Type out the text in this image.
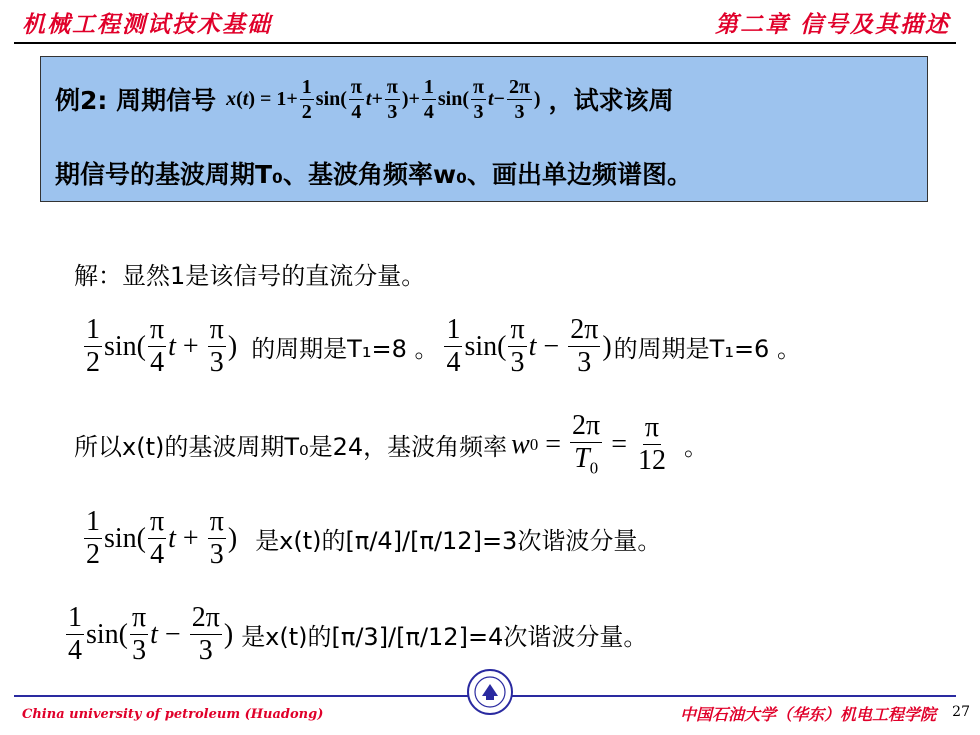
机械工程测试技术基础	第二章 信号及其描述
例2: 周期信号 x ( t ) = $1+ \frac{1}{2} \sin( \frac{\pi}{4}$ $t + \frac{\pi}{3}$ )+ $\frac{1}{4} \sin( \frac{\pi}{3}$ $t - \frac{2\pi}{3}$ ) ，试求该周
期信号的基波周期T₀、基波角频率w₀、画出单边频谱图。
解：显然1是该信号的直流分量。
$\frac{1}{2} \sin( \frac{\pi}{4}$ $t + \frac{\pi}{3}$ ) 的周期是T₁=8 。 $\frac{1}{4} \sin( \frac{\pi}{3}$ $t - \frac{2\pi}{3}$ ) 的周期是T₁=6 。
所以x(t)的基波周期T₀是24，基波角频率 w $0 = \frac{2\pi}{T_0} = \frac{\pi}{12}$ 。
$\frac{1}{2} \sin( \frac{\pi}{4}$ $t + \frac{\pi}{3}$ ) 是x(t)的[π/4]/[π/12]=3次谐波分量。
$\frac{1}{4} \sin( \frac{\pi}{3}$ $t - \frac{2\pi}{3}$ ) 是x(t)的[π/3]/[π/12]=4次谐波分量。
China university of petroleum (Huadong)	中国石油大学（华东）机电工程学院 27
